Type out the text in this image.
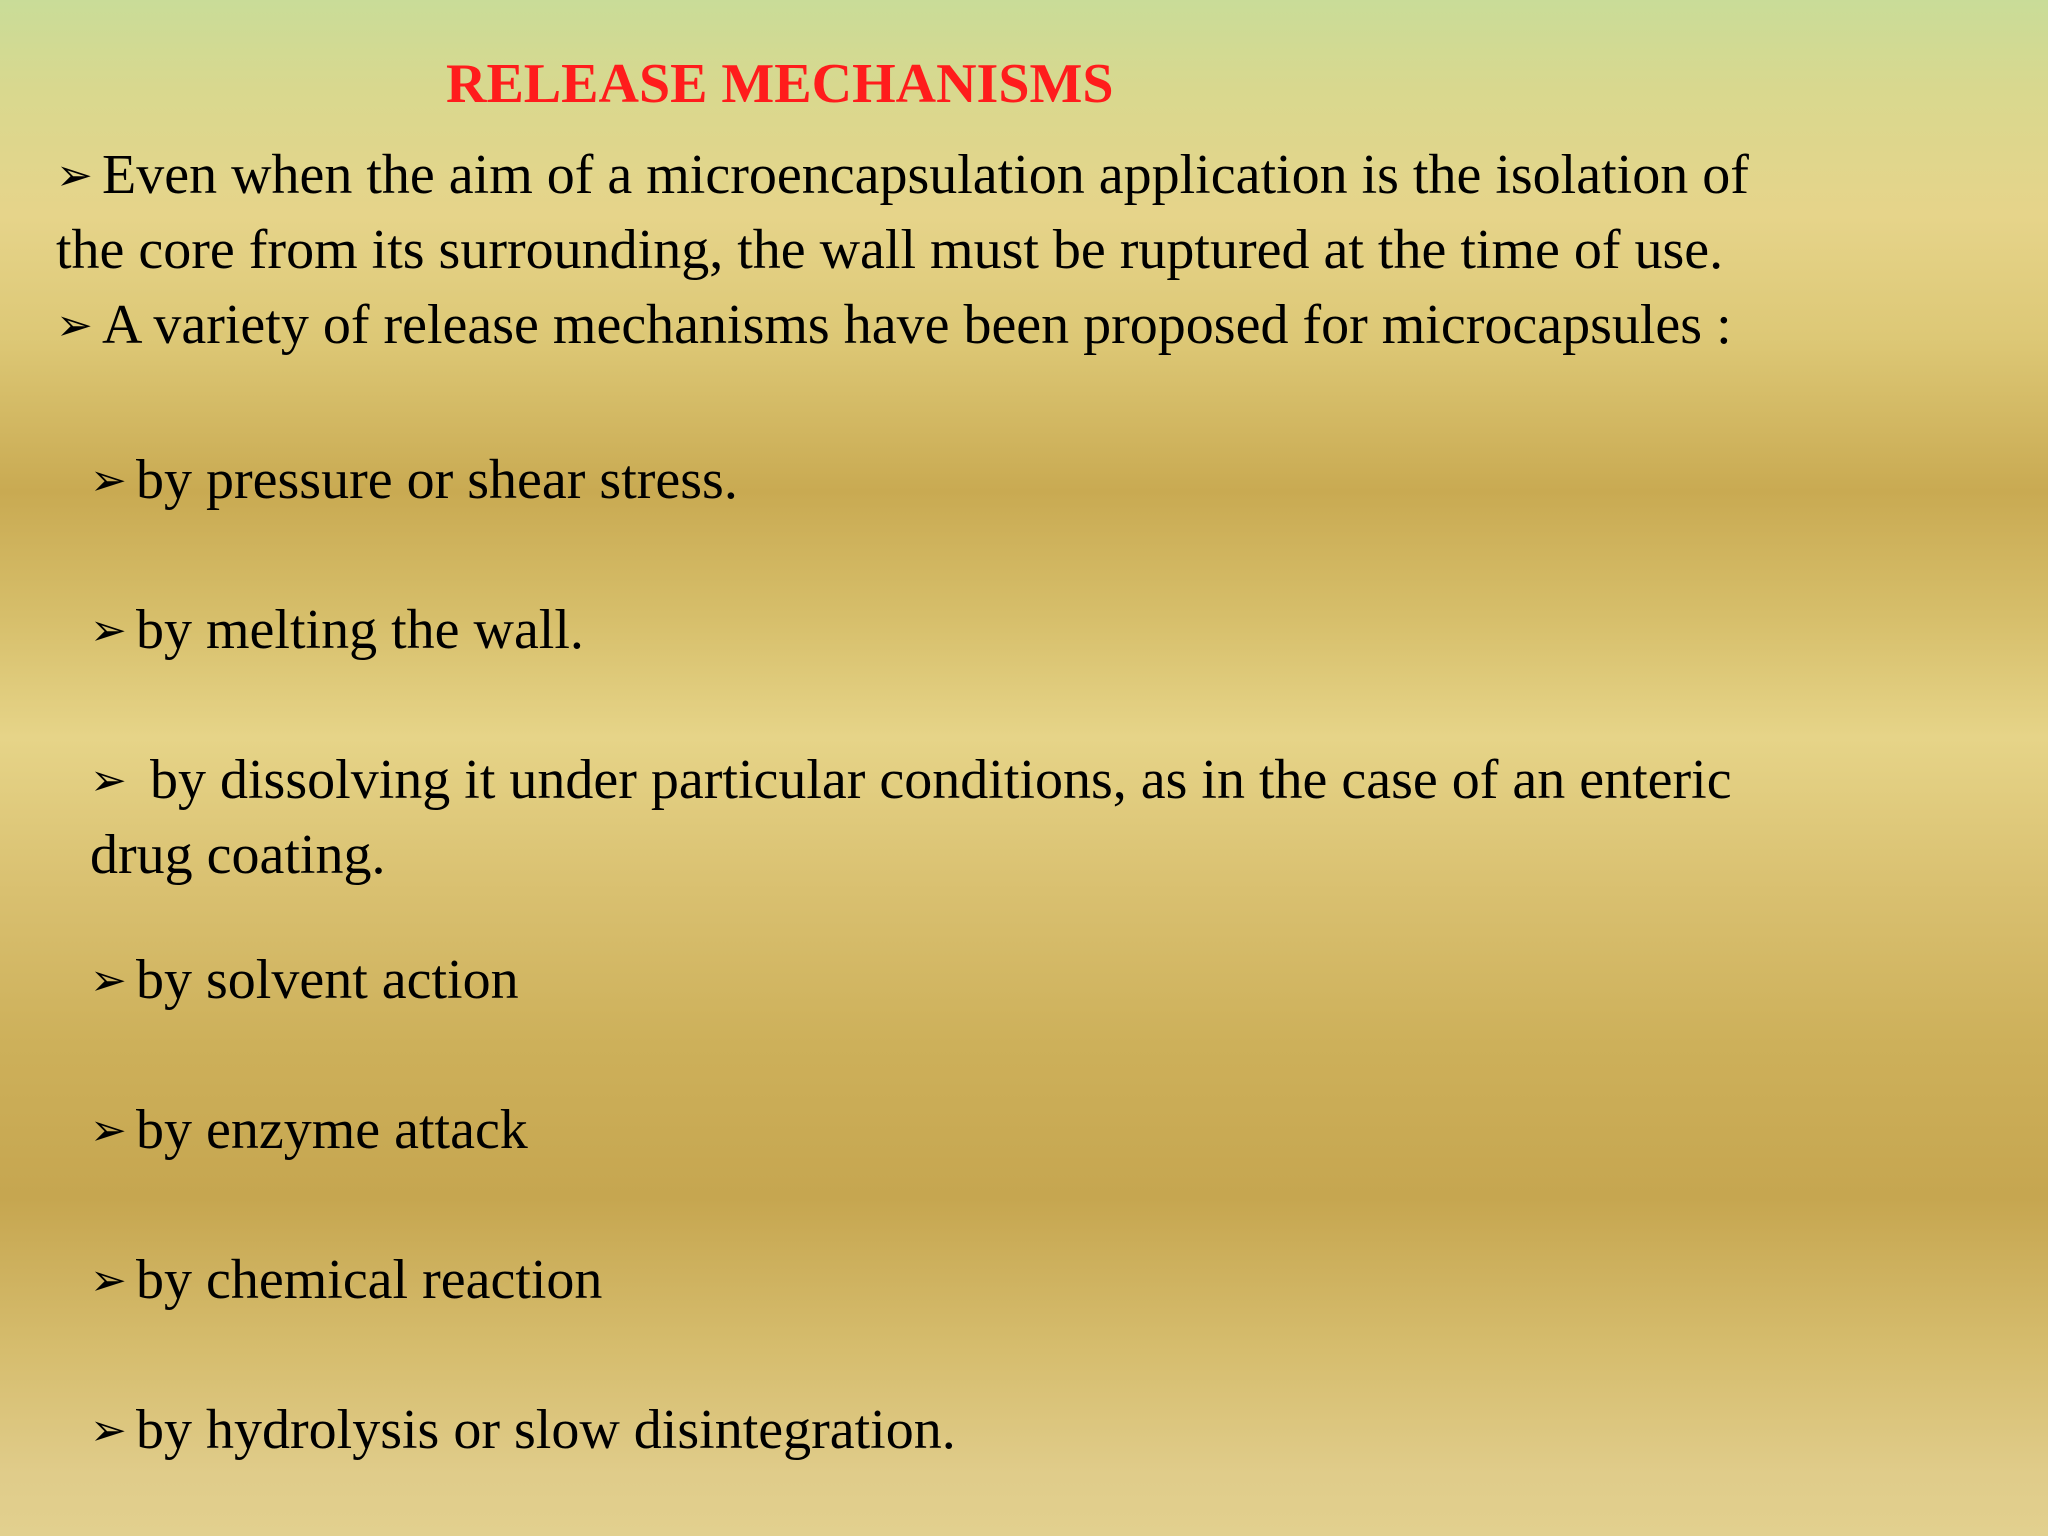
RELEASE MECHANISMS
➢ Even when the aim of a microencapsulation application is the isolation of
the core from its surrounding, the wall must be ruptured at the time of use.
➢ A variety of release mechanisms have been proposed for microcapsules :
➢ by pressure or shear stress.
➢ by melting the wall.
➢ by dissolving it under particular conditions, as in the case of an enteric
drug coating.
➢ by solvent action
➢ by enzyme attack
➢ by chemical reaction
➢ by hydrolysis or slow disintegration.
